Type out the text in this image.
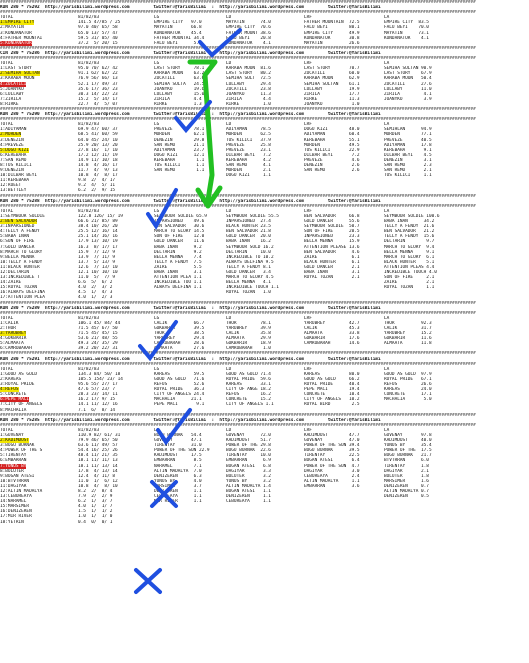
####################################################################################################################################################################################
KUN 280 * 75292  http://yarisbilimi.wordpress.com         twitter:@YarisBilimi  :  http://yarisbilimi.wordpress.com         twitter:@YarisBilimi
####################################################################################################################################################################################
TOTAL	81/82/83	LG	LD	LRF	LA
1:EMPIRE CITY	141.5 47/85 / 25	EMPIRE CITY   97.0	MAYATIN      74.0	FATHER MOUNTAIN  72.5	EMPIRE CITY  83.5
2:MAYATIN	97.0 40/ 65/ 58	MAYATIN       66.8	EMPIRE CITY  70.6	FALU BEYI        80.1	FALU BEYI    70.0
3:KONDANATOR	65.0 13/ 57/ 47	KONDANATOR    45.4	FATHER MOUNT 38.6	EMPIRE CITY      49.9	MAYATIN      73.1
4:FATHER MOUNTAI	59.5 31/ 05/ 40	FATHER MOUNTAI 34.4	FALU BEYI    20.8	KONDANATOR       30.8	KONDANATOR    4.1
5:KONDANATOR	37.2  5/ 20/ 15	FALU BEYI      5.9	KONDANATOR    4.1	MAYATIN          26.6
####################################################################################################################################################################################
CIN 280 * 75286  http://yarisbilimi.wordpress.com         twitter:@YarisBilimi  :  http://yarisbilimi.wordpress.com         twitter:@YarisBilimi
####################################################################################################################################################################################
TOTAL	81/82/83	LG	LD	LRF	LA
1:LAST STORY	95.0 70/ 62/ 42	LAST STORY     78.1	KARABA MOON  81.6	LAST STORY       70.7	SEMIHA SULTAN 90.9
2:SEMIHA SULTAN	91.1 62/ 62/ 22	KARABA MOON    63.2	LAST STORY   80.2	ZUCATILI         60.0	LAST STORY    67.9
3:KARABA MOON	76.9 56/ 66/ 13	ZUCATILI       63.6	SEMIHA SULT  72.5	KARABA MOON      62.9	KARABA MOON   50.4
4:ZUCATILI	52.1 17/ 49/ 37	SEMIHA SULTA   24.5	LULLABY      29.4	SEMIHA SULTAN    61.1	ZUCATILI      27.6
5:JOANYKO	35.6 17/ 36/ 23	JOANYKO        19.6	ZUCATILI     23.8	LULLABY          19.9	LULLABY       11.0
6:LULLABY	30.3 14/ 22/ 23	LULLABY        15.0	JOANYKO      11.3	ZIRILA           17.7	ZIRILA         4.1
7:ZIRILA	15.2  5/ 14/ 17	ZIRILA         4.4	ZIRILA        4.4	RIRKE            11.3	JOANYKO        3.9
8:RIRKE	22.7  4/  5/ 07	RIRKE          1.3	RIRKE         1.0	JOANYKO           1.0
####################################################################################################################################################################################
KUN 280 * 75290  http://yarisbilimi.wordpress.com         twitter:@YarisBilimi  :  http://yarisbilimi.wordpress.com         twitter:@YarisBilimi
####################################################################################################################################################################################
TOTAL	81/82/83	LG	LD	LRF	LA
1:ADIYAMAN	69.9 47/ 60/ 37	PREVEZE        78.1	ADIYAMAN     78.5	DOGU KIZI        48.0	SEMIHLAN      94.9
2:MORDEN	68.5 41/ 60/ 59	MORDEN         62.1	MORDEN       62.5	ADIYAMAN         60.4	MORDEN        77.1
3:DENEZIN	64.0 45/ 24/ 10	DENEZIN        29.8	TUS KILICI   37.9	KEREBAHA         55.1	PREVEZE       40.5
4:PREVEZE	25.9 20/ 13/ 20	SAN REMO       21.1	PREVEZE      25.8	MORDEN           49.5	ADIYAMAN      17.8
5:DOGU KIZI	27.8 16/  1/ 10	ADIYAMAN       23.7	PREVEZE      23.1	TUS KILICI       22.9	KEREBAHA       9.1
6:KEREBAHA	17.2 12/ 11/ 19	DOGU KIZI      12.1	DILBAR BEYI   7.2	DILBAR BEYI       7.2	DILBAR BEYI    4.5
7:SAN REMO	14.9 11/ 10/ 18	KEREBAHA        1.1	KEREBAHA      4.2	PREVEZE           4.6	DENEZIN        3.1
8:TUS KILICI	14.8  4/ 16/ 17	TUS KILICI      1.1	SAN REMO      4.1	DENEZIN           2.6	SAN REMO       2.3
9:DENEZIN	11.7  4/  9/ 13	SAN REMO        1.1	MORDEN        2.1	SAN REMO          2.6	SAN REMO       2.1
10:DILBAR BEYI	10.8  4/  8/ 17	DOGU KIZI     1.1	TUS KILICI     1.1
11:KEREBAHA	9.8  2/  4/ 17
12:ROEET	9.2  4/  5/ 11
13:BETTLEY	6.2  2/  9/ 15
####################################################################################################################################################################################
KUN 280 * 75288  http://yarisbilimi.wordpress.com         twitter:@YarisBilimi  :  http://yarisbilimi.wordpress.com         twitter:@YarisBilimi
####################################################################################################################################################################################
TOTAL	81/82/83	LG	LD	LRF	LA
1:SEYMBOUR SOLDIE	122.8 126/ 15/ 19	SEYMBOUR SOLDIE 65.9	SEYMBOUR SOLDIE 55.5	BEN SALVADOR     66.8	SEYMBOUR SOLDIE 100.6
2:BEN SALVADOR	66.6 21/ 85/ 89	INPARSIONED    49.6	INPARSIONED  27.4	GOLD DANCER      55.6	BABA INAN      34.2
3:INPARSIONED	38.4 10/ 26/ 20	BEN SALVADOR   30.6	BLACK HUNTER 23.5	SEYMBOUR SOLDIE  50.7	TELLY A FENDY  21.6
4:TELLY A FENDY	25.5 12/ 16/ 14	MARCH TO GLORY 14.5	BEN SALVADOR 21.8	SUN OF FIRE      20.5	BEN SALVADOR   21.2
5:BABA INAN	25.1 14/ 16/ 16	SUN OF FIRE    12.0	GOLD DANCER  20.0	INPARSIONED      23.3	TELLY A FENDY  15.6
6:SUN OF FIRE	17.9 13/ 10/ 19	GOLD DANCER    11.6	BABA INAN    16.2	BELLA MENNA      15.9	DELTARIN        9.7
7:GOLD DANCER	16.3  8/ 17/ 17	BABA INAN      9.2	SEYMBOUR SOLD 16.2	ATTENTION PLEASE 13.6	MARCH TO GLORY  9.4
8:MARCH TO GLORY	15.9  7/ 12/ 9	DELTARIN       9.2	DELTARIN     10.0	BEN SALVADOR      4.6	BELLA MENNA     9.1
9:BELLA MENNA	13.9  7/ 11/ 9	BELLA MENNA    7.4	INCREDIBLE TO 10.2	ZAIRE             6.1	MARCH TO GLORY  6.1
10:TELLY A FENDY	13.7  5/ 13/ 9	TELLY A FENDY  7.5	ALWAYS DELFINA 9.5	BLACK HUNTER      6.1	BLACK HUNTER    5.1
11:BLACK HUNTER	12.6  7/ 13/ 10	ZAIRE          5.5	TELLY A FENDY 8.1	GOLD DANCER       2.1	ATTENTION PLEAS 4.4
12:DELTARIN	12.1 10/ 10/ 10	BABA INAN      3.1	GOLD DANCER   3.4	BABA INAN         3.1	INCREDIBLE TOUCH 4.0
13:INCREDIBLE T	11.0  5/  7/ 9	ATTENTION PLEA 1.1	MARCH TO GLORY 4.5	ROYAL TOZAN       2.1	SUN OF FIRE     2.1
14:ZAIRE	6.6  5/  6/ 2	INCREDIBLE TOU 1.1	BELLA MENNA   4.1	ZAIRE           2.1
15:ROYAL TOZAN	4.0  2/  3/ 2	ALWAYS DELFINA 1.1	INCREDIBLE TOUCH 1.1	ROYAL TOZAN     1.1
16:ALWAYS DELFINA	4.5  1/  4/ 3	ROYAL TOZAN   1.0
17:ATTENTION PLEA	4.0  1/  2/ 3
####################################################################################################################################################################################
KUN 280 * 75289  http://yarisbilimi.wordpress.com         twitter:@YarisBilimi  :  http://yarisbilimi.wordpress.com         twitter:@YarisBilimi
####################################################################################################################################################################################
TOTAL	81/82/83	LG	LD	LRF	LA
1:CALIK	106.1 45/ 84/ 44	CALIK          66.7	THOR         78.1	YARUBREY         42.7	THOR          92.3
2:THOR	71.5 45/ 67/ 50	GOKBARIR       39.5	YARUBREY     39.9	CALIK            45.3	CALIK         31.7
3:YARUBREY	71.5 45/ 45/ 15	THOR           38.5	CALIK        35.8	ALMAATA          33.8	YARUBREY      15.2
4:GOKBARIR	53.6 21/ 48/ 55	YARUBREY       29.4	ALMAATA      29.9	GOKBARIR         17.6	GOKBARIR      11.6
5:ALMAATA	49.3 24/ 35/ 29	CAMROBARAH     28.6	GOKBARIR     18.9	CAMROBARAH       14.6	ALMAATA       11.8
6:CAMROBARAH	39.2 20/ 22/ 31	ALMAATA        27.6	CAMROBARAH    1.0
####################################################################################################################################################################################
KUN 280 * 75291  http://yarisbilimi.wordpress.com         twitter:@YarisBilimi  :  http://yarisbilimi.wordpress.com         twitter:@YarisBilimi
####################################################################################################################################################################################
TOTAL	81/82/83	LG	LD	LRF	LA
1:GOOD AS GOLD	134.3 84/ 50/ 18	KAREAS         59.5	GOOD AS GOLD 71.4	KAREAS           80.0	GOOD AS GOLD  97.9
2:KAREAS	105.5 154/ 23/ 14	GOOD AS GOLD   71.6	ROYAL PRIDE  59.6	GOOD AS GOLD     66.2	ROYAL PRIDE   67.1
3:ROYAL PRIDE	95.6 55/ 27/ 17	REFUS          52.6	KAREAS       33.1	ROYAL PRIDE      40.4	REFUS         26.6
4:REFUS	47.6 57/ 23/ 7	ROYAL PRIDE    36.3	CITY OF ANGE 18.2	PEPE MACI        19.4	KAREAS        24.0
5:CONCRETE	28.3 23/ 14/ 11	CITY OF ANGELS 24.4	REFUS        16.2	CONCRETE         10.4	CONCRETE      17.1
6:PEPE MACI	16.2 17/ 9/ 15	MACHALIA      21.1	CONCRETE     15.2	CITY OF ANGELS   10.2	MACHALIA       5.0
7:CITY OF ANGELS	14.1 11/ 12/ 16	PEPE MACI       9.1	CITY OF ANGELS 1.1	ROYAL BIRD        2.5
8:MACHALIA	7.1  6/  8/ 14
####################################################################################################################################################################################
KUN 280 * 75285  http://yarisbilimi.wordpress.com         twitter:@YarisBilimi  :  http://yarisbilimi.wordpress.com         twitter:@YarisBilimi
####################################################################################################################################################################################
TOTAL	81/82/83	LG	LD	LRF	LA
1:GUVENAY	110.9 82/ 61/ 31	BOGU BURNAK   54.4	GUVENAY      72.0	KADIMDOST        47.7	GUVENAY       97.8
2:KADIMDOST	79.9 46/ 65/ 50	GUVENAY       47.1	KADIMDOST    51.7	GUVENAY          47.0	KADIMDOST     40.0
3:BOGU BURNAK	63.6 11/ 49/ 57	TIRENTAY      31.0	POWER OF THE 29.8	POWER OF THE SUN 39.4	YUNUS BY      35.4
4:POWER OF THE S	54.4 16/ 25/ 26	POWER OF THE SUN 22.9	BOGU BURNAK  22.6	BOGU BURNAK      39.5	POWER OF THE  17.5
5:TIRENTAY	48.4 11/ 21/ 35	KADIMDOST     17.5	TIRENTAY     10.0	TIRENTAY         22.5	BOGU BURNAK   21.7
6:EMBARRAN	18.1 11/ 11/ 13	EMBARRAN       8.5	EMBARRAN      6.9	BOGAN ATESI       6.4	BTVTRRAN      6.0
7:YUNUS BY	18.1 11/ 13/ 14	NARAMEL        7.1	BOGAN ATESI   6.8	POWER OF THE SUN  4.7	TIRENTAY      1.8
8:BOLUTER	17.8  4/ 13/ 14	ALTIN MADALYA  7.0	DAGIYAR       3.3	DAGIYAR           3.0	DAGIYAR       2.1
9:BOGAN ATESI	12.4  4/ 11/ 8	DENIZEREN      6.3	BOLUTER       3.2	CEBUREAYA         2.4	BOLUTER       1.8
10:BTVTRRAN	11.0  1/  6/ 12	YUNUS BY       4.0	YUNUS BY      3.2	ALTIN MADALYA     1.1	MARSIMER      1.6
11:DAGIYAR	10.8  4/  8/ 10	MARSIMER       3.7	ALTIN MADALYA 1.4	EMBARRAN          3.6	DENIZEREN     0.7
12:ALTIN MADALYA	8.2  2/  8/ 4	DENIZEREN      1.1	BOGAN ATESI   1.1	ALTIN MADALYA 0.7
13:CEBUREAYA	7.9  2/  2/ 9	CEBUREAYA      1.1	DENIZEREN     1.1	DENIZEREN     0.5
14:NARAMEL	6.2  1/  3/ 7	MIR RIVER      1.1	CEBUREAYA     1.1
15:MARSIMER	4.0  1/  1/ 7
16:DENIZEREN	1.5  1/  1/ 2
17:MIR RIVER	1.0  1/  1/ 0
18:YETRIN	0.4  0/  0/ 1
